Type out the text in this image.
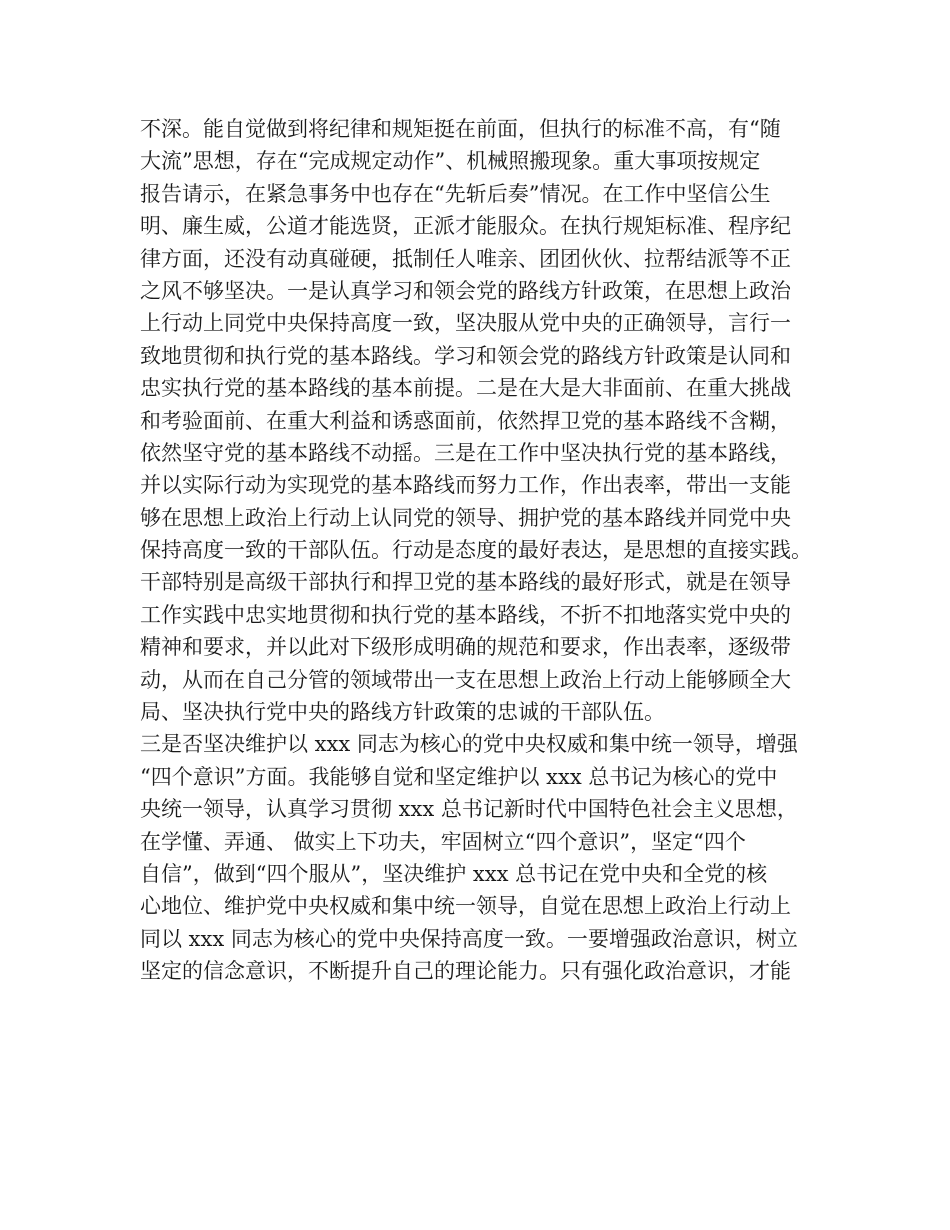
不深。能自觉做到将纪律和规矩挺在前面，但执行的标准不高，有“随
大流”思想，存在“完成规定动作”、机械照搬现象。重大事项按规定
报告请示，在紧急事务中也存在“先斩后奏”情况。在工作中坚信公生
明、廉生威，公道才能选贤，正派才能服众。在执行规矩标准、程序纪
律方面，还没有动真碰硬，抵制任人唯亲、团团伙伙、拉帮结派等不正
之风不够坚决。一是认真学习和领会党的路线方针政策，在思想上政治
上行动上同党中央保持高度一致，坚决服从党中央的正确领导，言行一
致地贯彻和执行党的基本路线。学习和领会党的路线方针政策是认同和
忠实执行党的基本路线的基本前提。二是在大是大非面前、在重大挑战
和考验面前、在重大利益和诱惑面前，依然捍卫党的基本路线不含糊，
依然坚守党的基本路线不动摇。三是在工作中坚决执行党的基本路线，
并以实际行动为实现党的基本路线而努力工作，作出表率，带出一支能
够在思想上政治上行动上认同党的领导、拥护党的基本路线并同党中央
保持高度一致的干部队伍。行动是态度的最好表达，是思想的直接实践。
干部特别是高级干部执行和捍卫党的基本路线的最好形式，就是在领导
工作实践中忠实地贯彻和执行党的基本路线，不折不扣地落实党中央的
精神和要求，并以此对下级形成明确的规范和要求，作出表率，逐级带
动，从而在自己分管的领域带出一支在思想上政治上行动上能够顾全大
局、坚决执行党中央的路线方针政策的忠诚的干部队伍。
三是否坚决维护以 xxx 同志为核心的党中央权威和集中统一领导，增强
“四个意识”方面。我能够自觉和坚定维护以 xxx 总书记为核心的党中
央统一领导，认真学习贯彻 xxx 总书记新时代中国特色社会主义思想，
在学懂、弄通、 做实上下功夫，牢固树立“四个意识”，坚定“四个
自信”，做到“四个服从”，坚决维护 xxx 总书记在党中央和全党的核
心地位、维护党中央权威和集中统一领导，自觉在思想上政治上行动上
同以 xxx 同志为核心的党中央保持高度一致。一要增强政治意识，树立
坚定的信念意识，不断提升自己的理论能力。只有强化政治意识，才能
